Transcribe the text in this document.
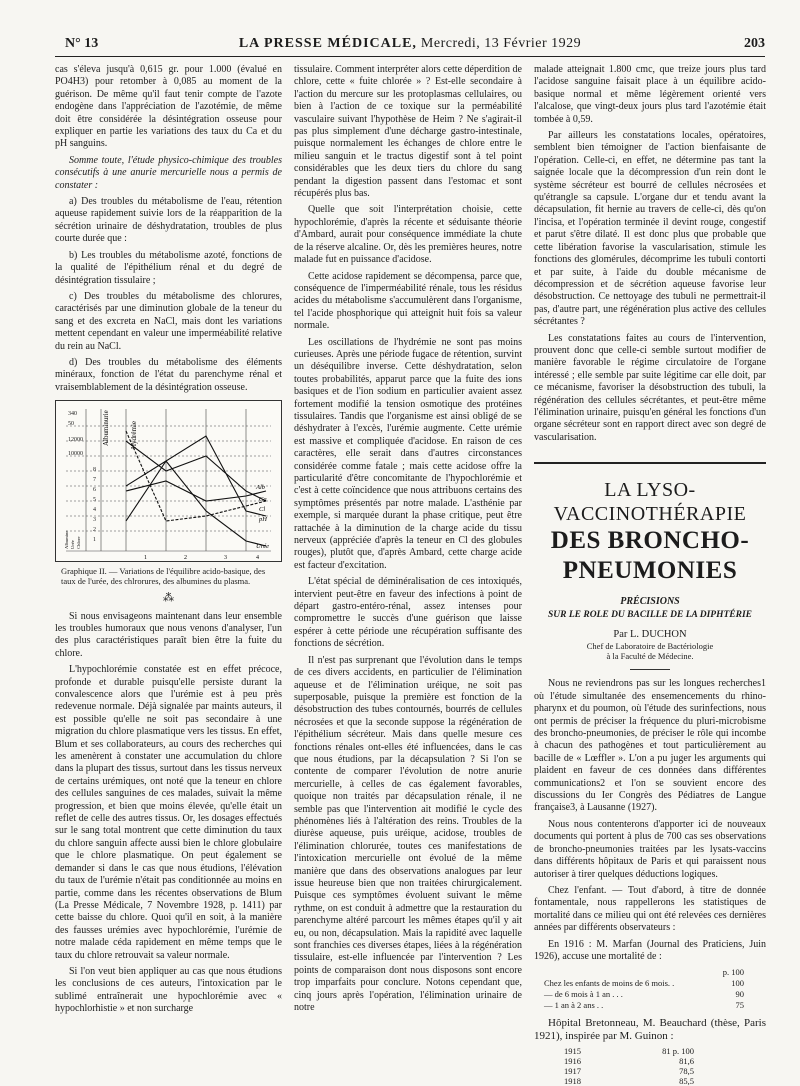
N° 13	LA PRESSE MÉDICALE, Mercredi, 13 Février 1929	203

cas s'éleva jusqu'à 0,615 gr. pour 1.000 (évalué en PO4H3) pour retomber à 0,085 au moment de la guérison. De même qu'il faut tenir compte de l'azote endogène dans l'appréciation de l'azotémie, de même doit être considérée la désintégration osseuse pour expliquer en partie les variations des taux du Ca et du pH sanguins.

Somme toute, l'étude physico-chimique des troubles consécutifs à une anurie mercurielle nous a permis de constater :

a) Des troubles du métabolisme de l'eau, rétention aqueuse rapidement suivie lors de la réapparition de la sécrétion urinaire de déshydratation, troubles de plus courte durée que :

b) Les troubles du métabolisme azoté, fonctions de la qualité de l'épithélium rénal et du degré de désintégration tissulaire ;

c) Des troubles du métabolisme des chlorures, caractérisés par une diminution globale de la teneur du sang et des excreta en NaCl, mais dont les variations mettent cependant en valeur une imperméabilité relative du rein au NaCl.

d) Des troubles du métabolisme des éléments minéraux, fonction de l'état du parenchyme rénal et vraisemblablement de la désintégration osseuse.

Albuminurie	Hydrémie
340
50
12000
10000
8
7
6
5
4
3
2
1
Alb
Ca
Cl
pH
Urée
Albumine Urée Chlore
1	2	3	4
Graphique II. — Variations de l'équilibre acido-basique, des taux de l'urée, des chlrorures, des albumines du plasma.
⁂

Si nous envisageons maintenant dans leur ensemble les troubles humoraux que nous venons d'analyser, l'un des plus caractéristiques paraît bien être la fuite du chlore.

L'hypochlorémie constatée est en effet précoce, profonde et durable puisqu'elle persiste durant la convalescence alors que l'urémie est à peu près redevenue normale. Déjà signalée par maints auteurs, il est possible qu'elle ne soit pas secondaire à une migration du chlore plasmatique vers les tissus. En effet, Blum et ses collaborateurs, au cours des recherches qui les amenèrent à constater une accumulation du chlore dans la plupart des tissus, surtout dans les tissus nerveux de certains urémiques, ont noté que la teneur en chlore des cellules sanguines de ces malades, suivait la même progression, et bien que moins élevée, qu'elle était un reflet de celle des autres tissus. Or, les dosages effectués sur le sang total montrent que cette diminution du taux du chlore sanguin affecte aussi bien le chlore globulaire que le chlore plasmatique. On peut également se demander si dans le cas que nous étudions, l'élévation du taux de l'urémie n'était pas conditionnée au moins en partie, comme dans les récentes observations de Blum (La Presse Médicale, 7 Novembre 1928, p. 1411) par cette baisse du chlore. Quoi qu'il en soit, à la manière des fausses urémies avec hypochlorémie, l'urémie de notre malade céda rapidement en même temps que le taux du chlore retrouvait sa valeur normale.

Si l'on veut bien appliquer au cas que nous étudions les conclusions de ces auteurs, l'intoxication par le sublimé entraînerait une hypochlorémie avec « hypochlorhistie » et non surcharge

tissulaire. Comment interpréter alors cette déperdition de chlore, cette « fuite chlorée » ? Est-elle secondaire à l'action du mercure sur les protoplasmas cellulaires, ou bien à l'action de ce toxique sur la perméabilité vasculaire suivant l'hypothèse de Heim ? Ne s'agirait-il pas plus simplement d'une décharge gastro-intestinale, puisque normalement les échanges de chlore entre le milieu sanguin et le tractus digestif sont à tel point considérables que les deux tiers du chlore du sang pendant la digestion passent dans l'estomac et sont récupérés plus bas.

Quelle que soit l'interprétation choisie, cette hypochlorémie, d'après la récente et séduisante théorie d'Ambard, aurait pour conséquence immédiate la chute de la réserve alcaline. Or, dès les premières heures, notre malade fut en puissance d'acidose.

Cette acidose rapidement se décompensa, parce que, conséquence de l'imperméabilité rénale, tous les résidus acides du métabolisme s'accumulèrent dans l'organisme, tel l'acide phosphorique qui atteignit huit fois sa valeur normale.

Les oscillations de l'hydrémie ne sont pas moins curieuses. Après une période fugace de rétention, survint un déséquilibre inverse. Cette déshydratation, selon toutes probabilités, apparut parce que la fuite des ions basiques et de l'ion sodium en particulier avaient assez fortement modifié la tension osmotique des protéines tissulaires. Tandis que l'organisme est ainsi obligé de se déshydrater à l'excès, l'urémie augmente. Cette urémie est massive et compliquée d'acidose. En raison de ces caractères, elle serait dans d'autres circonstances considérée comme fatale ; mais cette acidose offre la particularité d'être concomitante de l'hypochlorémie et c'est à cette coïncidence que nous attribuons certains des symptômes présentés par notre malade. L'asthénie par exemple, si marquée durant la phase critique, peut être rattachée à la diminution de la charge acide du tissu nerveux (appréciée d'après la teneur en Cl des globules rouges), plutôt que, d'après Ambard, cette charge acide est facteur d'excitation.

L'état spécial de déminéralisation de ces intoxiqués, intervient peut-être en faveur des infections à point de départ gastro-entéro-rénal, assez intenses pour compromettre le succès d'une guérison que laisse espérer à cette période une récupération suffisante des fonctions de sécrétion.

Il n'est pas surprenant que l'évolution dans le temps de ces divers accidents, en particulier de l'élimination aqueuse et de l'élimination uréique, ne soit pas superposable, puisque la première est fonction de la désobstruction des tubes contournés, bourrés de cellules nécrosées et que la seconde suppose la régénération de l'épithélium sécréteur. Mais dans quelle mesure ces fonctions rénales ont-elles été influencées, dans le cas que nous étudions, par la décapsulation ? Si l'on se contente de comparer l'évolution de notre anurie mercurielle, à celles de cas également favorables, quoique non traités par décapsulation rénale, il ne semble pas que l'intervention ait modifié le cycle des phénomènes liés à l'altération des reins. Troubles de la diurèse aqueuse, puis uréique, acidose, troubles de l'élimination chlorurée, toutes ces manifestations de l'intoxication mercurielle ont évolué de la même manière que dans des observations analogues par leur issue heureuse bien que non traitées chirurgicalement. Puisque ces symptômes évoluent suivant le même rythme, on est conduit à admettre que la restauration du parenchyme altéré parcourt les mêmes étapes qu'il y ait eu, ou non, décapsulation. Mais la rapidité avec laquelle sont franchies ces diverses étapes, liées à la régénération tissulaire, est-elle influencée par l'intervention ? Les points de comparaison dont nous disposons sont encore trop imparfaits pour conclure. Notons cependant que, cinq jours après l'opération, l'élimination urinaire de notre

malade atteignait 1.800 cmc, que treize jours plus tard l'acidose sanguine faisait place à un équilibre acido-basique normal et même légèrement orienté vers l'alcalose, que vingt-deux jours plus tard l'azotémie était tombée à 0,59.

Par ailleurs les constatations locales, opératoires, semblent bien témoigner de l'action bienfaisante de l'opération. Celle-ci, en effet, ne détermine pas tant la saignée locale que la décompression d'un rein dont le système sécréteur est bourré de cellules nécrosées et qu'étrangle sa capsule. L'organe dur et tendu avant la décapsulation, fit hernie au travers de celle-ci, dès qu'on l'incisa, et l'opération terminée il devint rouge, congestif et parut s'être dilaté. Il est donc plus que probable que cette libération favorise la vascularisation, stimule les fonctions des glomérules, décomprime les tubuli contorti et par suite, à l'aide du double mécanisme de décompression et de sécrétion aqueuse favorise leur désobstruction. Ce nettoyage des tubuli ne permettrait-il pas, d'autre part, une régénération plus active des cellules sécrétantes ?

Les constatations faites au cours de l'intervention, prouvent donc que celle-ci semble surtout modifier de manière favorable le régime circulatoire de l'organe intéressé ; elle semble par suite légitime car elle doit, par ce mécanisme, favoriser la désobstruction des tubuli, la régénération des cellules sécrétantes, et peut-être même l'élimination urinaire, puisqu'en général les fonctions d'un organe sécréteur sont en rapport direct avec son degré de vascularisation.

LA LYSO-VACCINOTHÉRAPIE
DES BRONCHO-PNEUMONIES
PRÉCISIONS
SUR LE ROLE DU BACILLE DE LA DIPHTÉRIE
Par L. DUCHON
Chef de Laboratoire de Bactériologie
à la Faculté de Médecine.

Nous ne reviendrons pas sur les longues recherches1 où l'étude simultanée des ensemencements du rhino-pharynx et du poumon, où l'étude des surinfections, nous ont permis de préciser la fréquence du pluri-microbisme des broncho-pneumonies, de préciser le rôle qui incombe à chacun des pathogènes et tout particulièrement au bacille de « Lœffler ». L'on a pu juger les arguments qui plaident en faveur de ces données dans différentes communications2 et l'on se souvient encore des discussions du Ier Congrès des Pédiatres de Langue française3, à Lausanne (1927).

Nous nous contenterons d'apporter ici de nouveaux documents qui portent à plus de 700 cas ses observations de broncho-pneumonies traitées par les lysats-vaccins dans différents hôpitaux de Paris et qui paraissent nous autoriser à tirer quelques déductions logiques.

Chez l'enfant. — Tout d'abord, à titre de donnée fontamentale, nous rappellerons les statistiques de mortalité dans ce milieu qui ont été relevées ces dernières années par différents observateurs :

En 1916 : M. Marfan (Journal des Praticiens, Juin 1926), accuse une mortalité de :

p. 100
Chez les enfants de moins de 6 mois. .	100
— de 6 mois à 1 an . . .	90
— 1 an à 2 ans . .	75

Hôpital Bretonneau, M. Beauchard (thèse, Paris 1921), inspirée par M. Guinon :

1915	81 p. 100
1916	81,6
1917	78,5
1918	85,5
